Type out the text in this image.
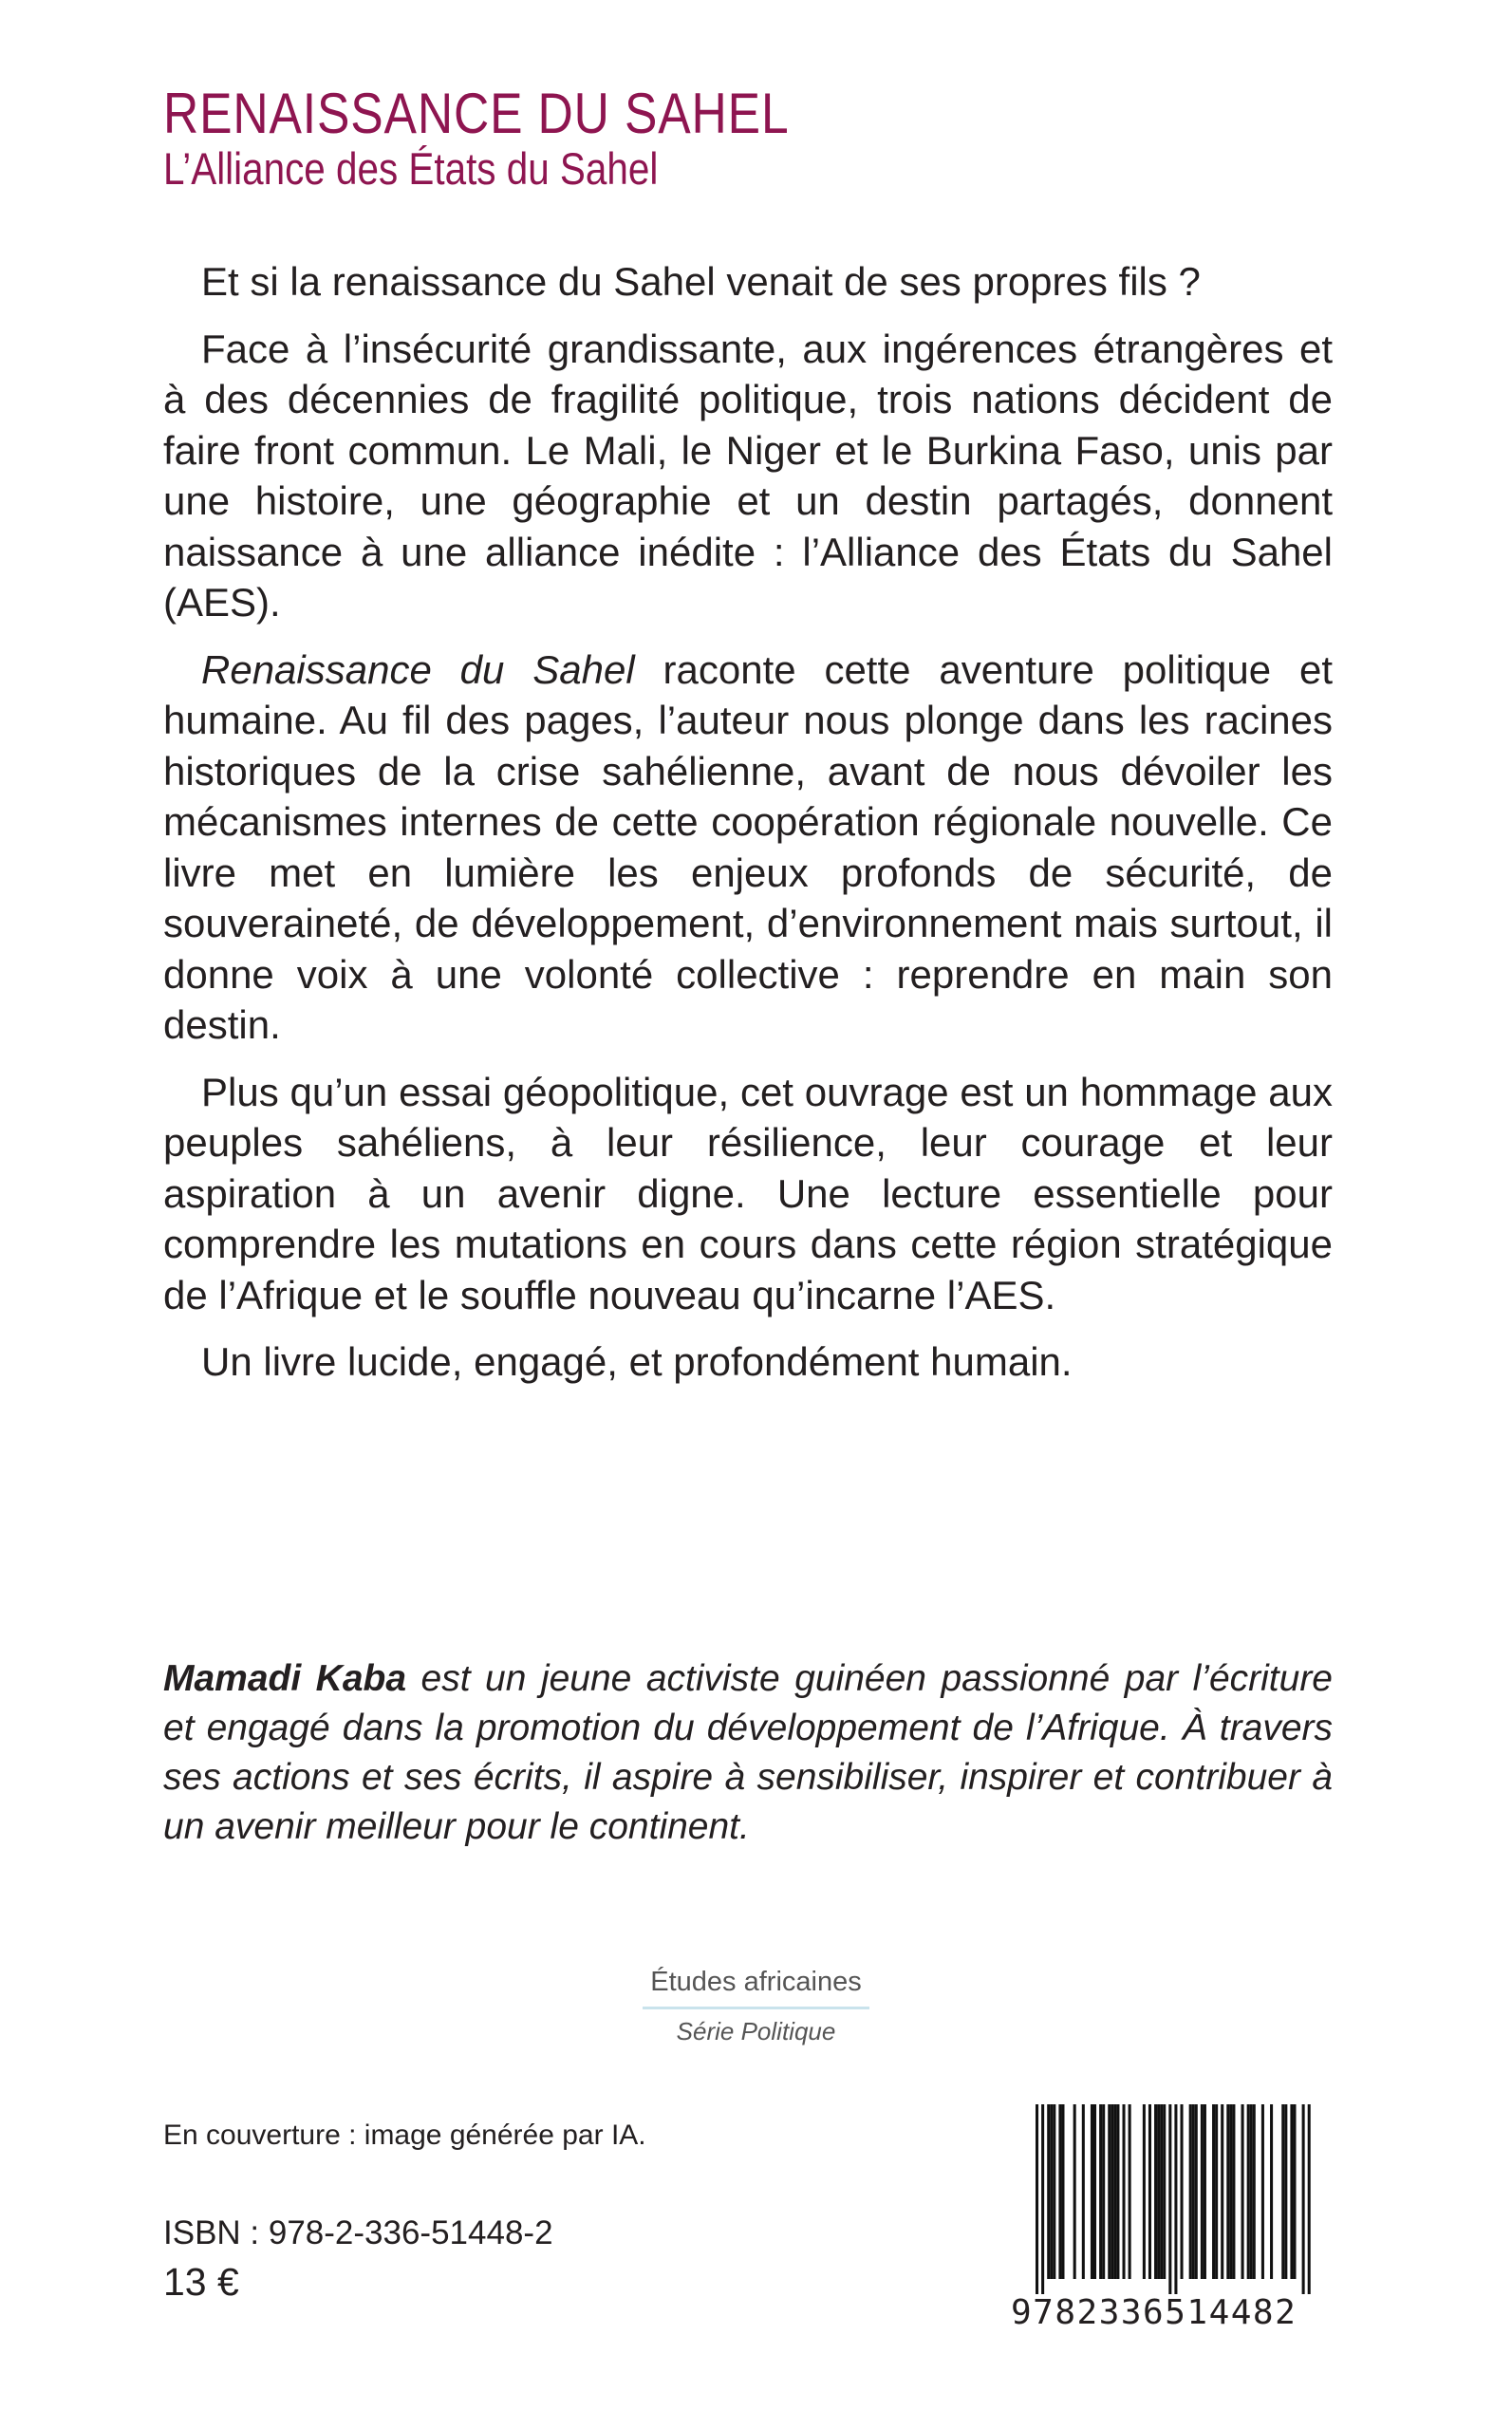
RENAISSANCE DU SAHEL
L’Alliance des États du Sahel

Et si la renaissance du Sahel venait de ses propres fils ?

Face à l’insécurité grandissante, aux ingérences étrangères et à des décennies de fragilité politique, trois nations décident de faire front commun. Le Mali, le Niger et le Burkina Faso, unis par une histoire, une géographie et un destin partagés, donnent naissance à une alliance inédite : l’Alliance des États du Sahel (AES).

Renaissance du Sahel raconte cette aventure politique et humaine. Au fil des pages, l’auteur nous plonge dans les racines historiques de la crise sahélienne, avant de nous dévoiler les mécanismes internes de cette coopération régionale nouvelle. Ce livre met en lumière les enjeux profonds de sécurité, de souveraineté, de développement, d’environnement mais surtout, il donne voix à une volonté collective : reprendre en main son destin.

Plus qu’un essai géopolitique, cet ouvrage est un hommage aux peuples sahéliens, à leur résilience, leur courage et leur aspiration à un avenir digne. Une lecture essentielle pour comprendre les mutations en cours dans cette région stratégique de l’Afrique et le souffle nouveau qu’incarne l’AES.

Un livre lucide, engagé, et profondément humain.

Mamadi Kaba est un jeune activiste guinéen passionné par l’écriture et engagé dans la promotion du développement de l’Afrique. À travers ses actions et ses écrits, il aspire à sensibiliser, inspirer et contribuer à un avenir meilleur pour le continent.
Études africaines
Série Politique
En couverture : image générée par IA.
ISBN : 978-2-336-51448-2
13 €
9782336514482
